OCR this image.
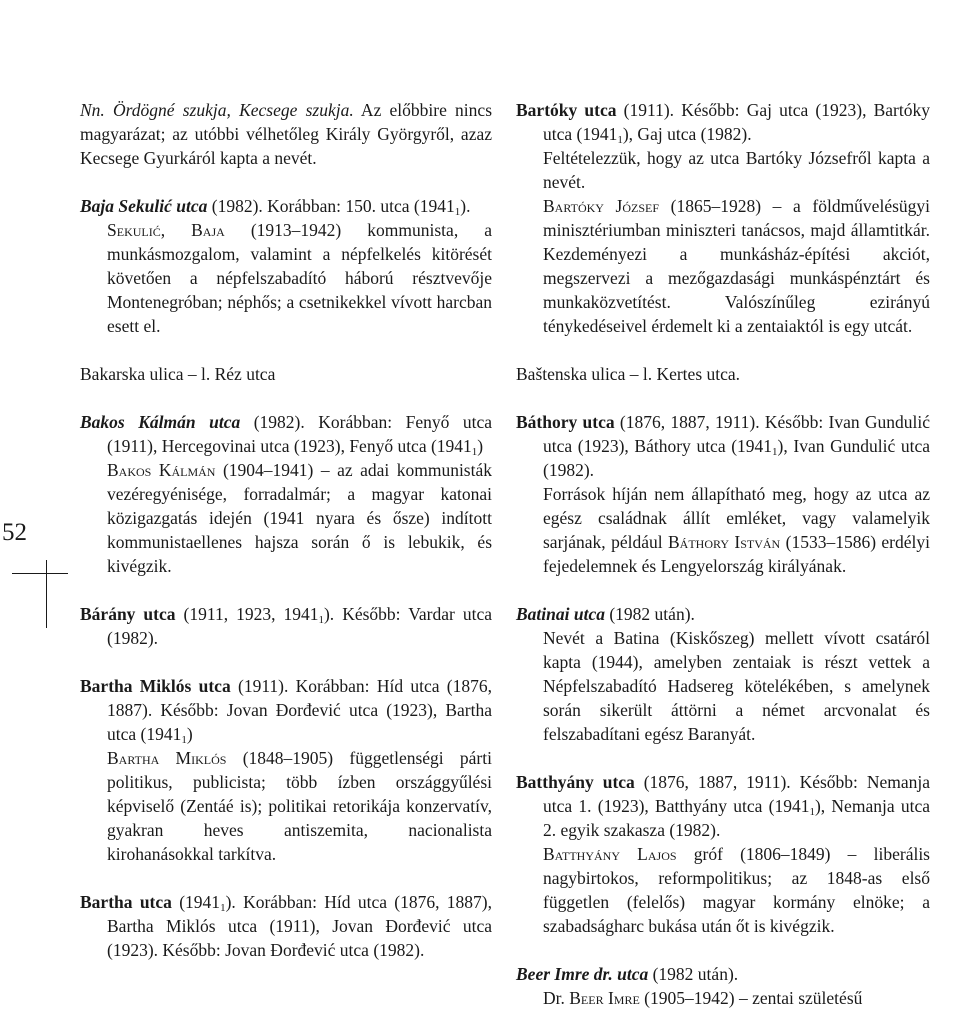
52

Nn. Ördögné szukja, Kecsege szukja. Az előbbire nincs magyarázat; az utóbbi vélhetőleg Király Györgyről, azaz Kecsege Gyurkáról kapta a nevét.

Baja Sekulić utca (1982). Korábban: 150. utca $(1941_1)$.

Sekulić, Baja (1913–1942) kommunista, a munkásmozgalom, valamint a népfelkelés kitörését követően a népfelszabadító háború résztvevője Montenegróban; néphős; a csetnikekkel vívott harcban esett el.

Bakarska ulica – l. Réz utca

Bakos Kálmán utca (1982). Korábban: Fenyő utca (1911), Hercegovinai utca (1923), Fenyő utca $(1941_1)$

Bakos Kálmán (1904–1941) – az adai kommunisták vezéregyénisége, forradalmár; a magyar katonai közigazgatás idején (1941 nyara és ősze) indított kommunistaellenes hajsza során ő is lebukik, és kivégzik.

Bárány utca (1911, 1923, $1941_1$). Később: Vardar utca (1982).

Bartha Miklós utca (1911). Korábban: Híd utca (1876, 1887). Később: Jovan Đorđević utca (1923), Bartha utca $(1941_1)$

Bartha Miklós (1848–1905) függetlenségi párti politikus, publicista; több ízben országgyűlési képviselő (Zentáé is); politikai retorikája konzervatív, gyakran heves antiszemita, nacionalista kirohanásokkal tarkítva.

Bartha utca $(1941_1)$. Korábban: Híd utca (1876, 1887), Bartha Miklós utca (1911), Jovan Đorđević utca (1923). Később: Jovan Đorđević utca (1982).

Bartóky utca (1911). Később: Gaj utca (1923), Bartóky utca $(1941_1)$, Gaj utca (1982).

Feltételezzük, hogy az utca Bartóky Józsefről kapta a nevét.

Bartóky József (1865–1928) – a földművelésügyi minisztériumban miniszteri tanácsos, majd államtitkár. Kezdeményezi a munkásház-építési akciót, megszervezi a mezőgazdasági munkáspénztárt és munkaközvetítést. Valószínűleg ezirányú ténykedéseivel érdemelt ki a zentaiaktól is egy utcát.

Baštenska ulica – l. Kertes utca.

Báthory utca (1876, 1887, 1911). Később: Ivan Gundulić utca (1923), Báthory utca $(1941_1)$, Ivan Gundulić utca (1982).

Források híján nem állapítható meg, hogy az utca az egész családnak állít emléket, vagy valamelyik sarjának, például Báthory István (1533–1586) erdélyi fejedelemnek és Lengyelország királyának.

Batinai utca (1982 után).

Nevét a Batina (Kiskőszeg) mellett vívott csatáról kapta (1944), amelyben zentaiak is részt vettek a Népfelszabadító Hadsereg kötelékében, s amelynek során sikerült áttörni a német arcvonalat és felszabadítani egész Baranyát.

Batthyány utca (1876, 1887, 1911). Később: Nemanja utca 1. (1923), Batthyány utca $(1941_1)$, Nemanja utca 2. egyik szakasza (1982).

Batthyány Lajos gróf (1806–1849) – liberális nagybirtokos, reformpolitikus; az 1848-as első független (felelős) magyar kormány elnöke; a szabadságharc bukása után őt is kivégzik.

Beer Imre dr. utca (1982 után).

Dr. Beer Imre (1905–1942) – zentai születésű
